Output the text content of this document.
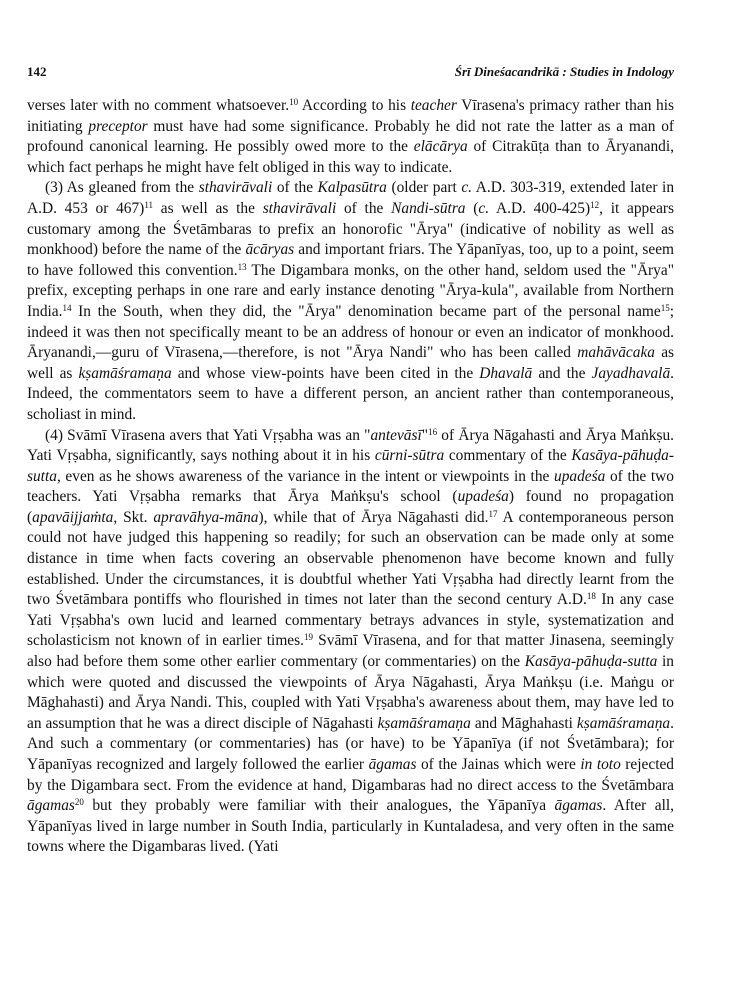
142	Śrī Dineśacandrikā : Studies in Indology

verses later with no comment whatsoever.$^{10}$ According to his teacher Vīrasena's primacy rather than his initiating preceptor must have had some significance. Probably he did not rate the latter as a man of profound canonical learning. He possibly owed more to the elācārya of Citrakūṭa than to Āryanandi, which fact perhaps he might have felt obliged in this way to indicate.

(3) As gleaned from the sthavirāvali of the Kalpasūtra (older part c. A.D. 303-319, extended later in A.D. 453 or 467)$^{11}$ as well as the sthavirāvali of the Nandi-sūtra (c. A.D. 400-425)$^{12}$, it appears customary among the Śvetāmbaras to prefix an honorofic "Ārya" (indicative of nobility as well as monkhood) before the name of the ācāryas and important friars. The Yāpanīyas, too, up to a point, seem to have followed this convention.$^{13}$ The Digambara monks, on the other hand, seldom used the "Ārya" prefix, excepting perhaps in one rare and early instance denoting "Ārya-kula", available from Northern India.$^{14}$ In the South, when they did, the "Ārya" denomination became part of the personal name$^{15}$; indeed it was then not specifically meant to be an address of honour or even an indicator of monkhood. Āryanandi,—guru of Vīrasena,—therefore, is not "Ārya Nandi" who has been called mahāvācaka as well as kṣamāśramaṇa and whose view-points have been cited in the Dhavalā and the Jayadhavalā. Indeed, the commentators seem to have a different person, an ancient rather than contemporaneous, scholiast in mind.

(4) Svāmī Vīrasena avers that Yati Vṛṣabha was an "antevāsī"$^{16}$ of Ārya Nāgahasti and Ārya Maṅkṣu. Yati Vṛṣabha, significantly, says nothing about it in his cūrni-sūtra commentary of the Kasāya-pāhuḍa-sutta, even as he shows awareness of the variance in the intent or viewpoints in the upadeśa of the two teachers. Yati Vṛṣabha remarks that Ārya Maṅkṣu's school (upadeśa) found no propagation (apavāijjaṁta, Skt. apravāhya-māna), while that of Ārya Nāgahasti did.$^{17}$ A contemporaneous person could not have judged this happening so readily; for such an observation can be made only at some distance in time when facts covering an observable phenomenon have become known and fully established. Under the circumstances, it is doubtful whether Yati Vṛṣabha had directly learnt from the two Śvetāmbara pontiffs who flourished in times not later than the second century A.D.$^{18}$ In any case Yati Vṛṣabha's own lucid and learned commentary betrays advances in style, systematization and scholasticism not known of in earlier times.$^{19}$ Svāmī Vīrasena, and for that matter Jinasena, seemingly also had before them some other earlier commentary (or commentaries) on the Kasāya-pāhuḍa-sutta in which were quoted and discussed the viewpoints of Ārya Nāgahasti, Ārya Maṅkṣu (i.e. Maṅgu or Māghahasti) and Ārya Nandi. This, coupled with Yati Vṛṣabha's awareness about them, may have led to an assumption that he was a direct disciple of Nāgahasti kṣamāśramaṇa and Māghahasti kṣamāśramaṇa. And such a commentary (or commentaries) has (or have) to be Yāpanīya (if not Śvetāmbara); for Yāpanīyas recognized and largely followed the earlier āgamas of the Jainas which were in toto rejected by the Digambara sect. From the evidence at hand, Digambaras had no direct access to the Śvetāmbara āgamas$^{20}$ but they probably were familiar with their analogues, the Yāpanīya āgamas. After all, Yāpanīyas lived in large number in South India, particularly in Kuntaladesa, and very often in the same towns where the Digambaras lived. (Yati
